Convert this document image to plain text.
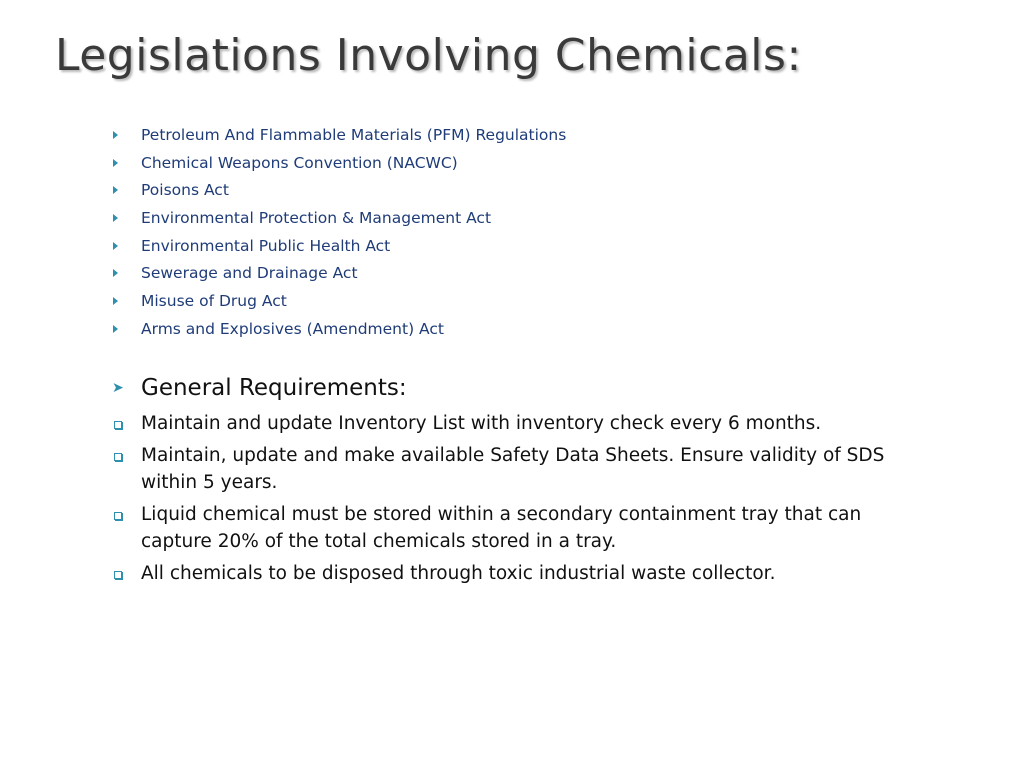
Legislations Involving Chemicals:
Petroleum And Flammable Materials (PFM) Regulations
Chemical Weapons Convention (NACWC)
Poisons Act
Environmental Protection & Management Act
Environmental Public Health Act
Sewerage and Drainage Act
Misuse of Drug Act
Arms and Explosives (Amendment) Act
➤ General Requirements:
Maintain and update Inventory List with inventory check every 6 months.
Maintain, update and make available Safety Data Sheets. Ensure validity of SDS within 5 years.
Liquid chemical must be stored within a secondary containment tray that can capture 20% of the total chemicals stored in a tray.
All chemicals to be disposed through toxic industrial waste collector.
